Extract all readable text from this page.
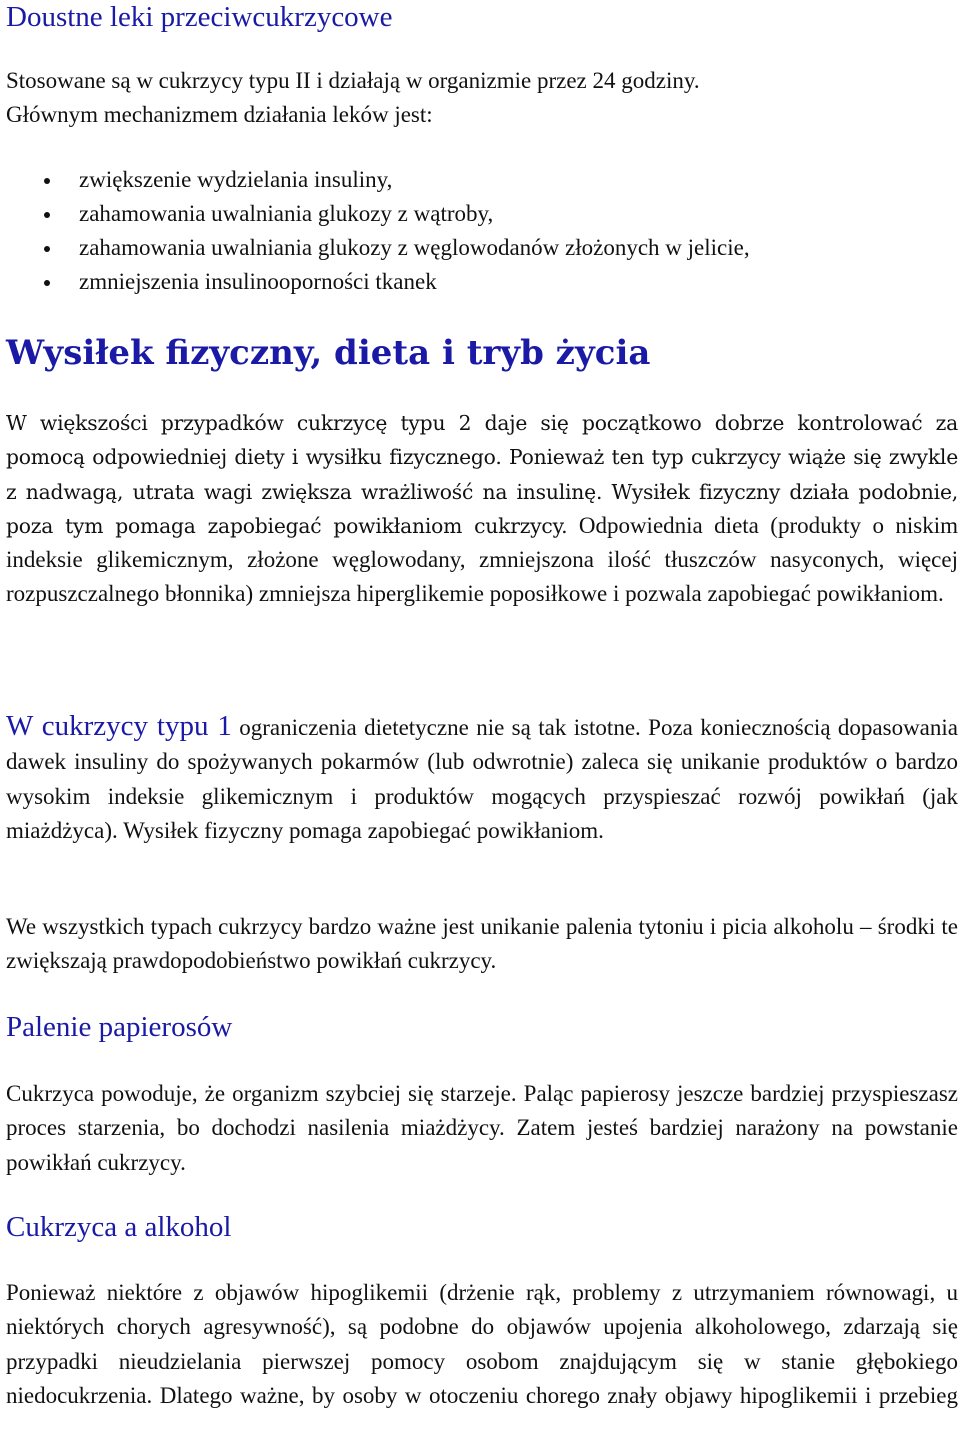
Doustne leki przeciwcukrzycowe

Stosowane są w cukrzycy typu II i działają w organizmie przez 24 godziny.

Głównym mechanizmem działania leków jest:

zwiększenie wydzielania insuliny,
zahamowania uwalniania glukozy z wątroby,
zahamowania uwalniania glukozy z węglowodanów złożonych w jelicie,
zmniejszenia insulinooporności tkanek
Wysiłek fizyczny, dieta i tryb życia

W większości przypadków cukrzycę typu 2 daje się początkowo dobrze kontrolować za pomocą odpowiedniej diety i wysiłku fizycznego. Ponieważ ten typ cukrzycy wiąże się zwykle z nadwagą, utrata wagi zwiększa wrażliwość na insulinę. Wysiłek fizyczny działa podobnie, poza tym pomaga zapobiegać powikłaniom cukrzycy. Odpowiednia dieta (produkty o niskim indeksie glikemicznym, złożone węglowodany, zmniejszona ilość tłuszczów nasyconych, więcej rozpuszczalnego błonnika) zmniejsza hiperglikemie poposiłkowe i pozwala zapobiegać powikłaniom.

W cukrzycy typu 1 ograniczenia dietetyczne nie są tak istotne. Poza koniecznością dopasowania dawek insuliny do spożywanych pokarmów (lub odwrotnie) zaleca się unikanie produktów o bardzo wysokim indeksie glikemicznym i produktów mogących przyspieszać rozwój powikłań (jak miażdżyca). Wysiłek fizyczny pomaga zapobiegać powikłaniom.

We wszystkich typach cukrzycy bardzo ważne jest unikanie palenia tytoniu i picia alkoholu – środki te zwiększają prawdopodobieństwo powikłań cukrzycy.

Palenie papierosów

Cukrzyca powoduje, że organizm szybciej się starzeje. Paląc papierosy jeszcze bardziej przyspieszasz proces starzenia, bo dochodzi nasilenia miażdżycy. Zatem jesteś bardziej narażony na powstanie powikłań cukrzycy.

Cukrzyca a alkohol

Ponieważ niektóre z objawów hipoglikemii (drżenie rąk, problemy z utrzymaniem równowagi, u niektórych chorych agresywność), są podobne do objawów upojenia alkoholowego, zdarzają się przypadki nieudzielania pierwszej pomocy osobom znajdującym się w stanie głębokiego niedocukrzenia. Dlatego ważne, by osoby w otoczeniu chorego znały objawy hipoglikemii i przebieg
